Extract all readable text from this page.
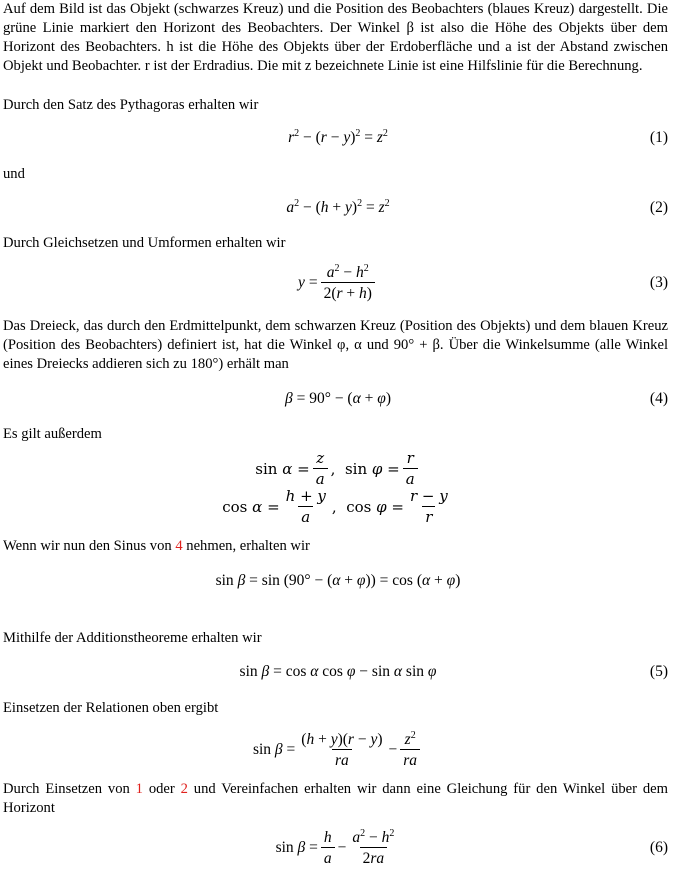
Auf dem Bild ist das Objekt (schwarzes Kreuz) und die Position des Beobachters (blaues Kreuz) dargestellt. Die grüne Linie markiert den Horizont des Beobachters. Der Winkel β ist also die Höhe des Objekts über dem Horizont des Beobachters. h ist die Höhe des Objekts über der Erdoberfläche und a ist der Abstand zwischen Objekt und Beobachter. r ist der Erdradius. Die mit z bezeichnete Linie ist eine Hilfslinie für die Berechnung.
Durch den Satz des Pythagoras erhalten wir
$r^2 - (r - y)^2 = z^2$	(1)
und
$a^2 - (h + y)^2 = z^2$	(2)
Durch Gleichsetzen und Umformen erhalten wir
$y = \frac{a^2 - h^2}{2(r + h)}$	(3)
Das Dreieck, das durch den Erdmittelpunkt, dem schwarzen Kreuz (Position des Objekts) und dem blauen Kreuz (Position des Beobachters) definiert ist, hat die Winkel φ, α und 90° + β. Über die Winkelsumme (alle Winkel eines Dreiecks addieren sich zu 180°) erhält man
β = 90° − (α + φ)	(4)
Es gilt außerdem
$\sin \alpha = \frac{z}{a}$ ,  $\sin \varphi = \frac{r}{a}$
$\cos \alpha = \frac{h + y}{a}$ ,  $\cos \varphi = \frac{r - y}{r}$
Wenn wir nun den Sinus von 4 nehmen, erhalten wir
sin β = sin (90° − (α + φ)) = cos (α + φ)
Mithilfe der Additionstheoreme erhalten wir
sin β = cos α cos φ − sin α sin φ	(5)
Einsetzen der Relationen oben ergibt
$\sin \beta = \frac{(h + y)(r - y)}{ra} - \frac{z^2}{ra}$
Durch Einsetzen von 1 oder 2 und Vereinfachen erhalten wir dann eine Gleichung für den Winkel über dem Horizont
$\sin \beta = \frac{h}{a} - \frac{a^2 - h^2}{2ra}$	(6)
